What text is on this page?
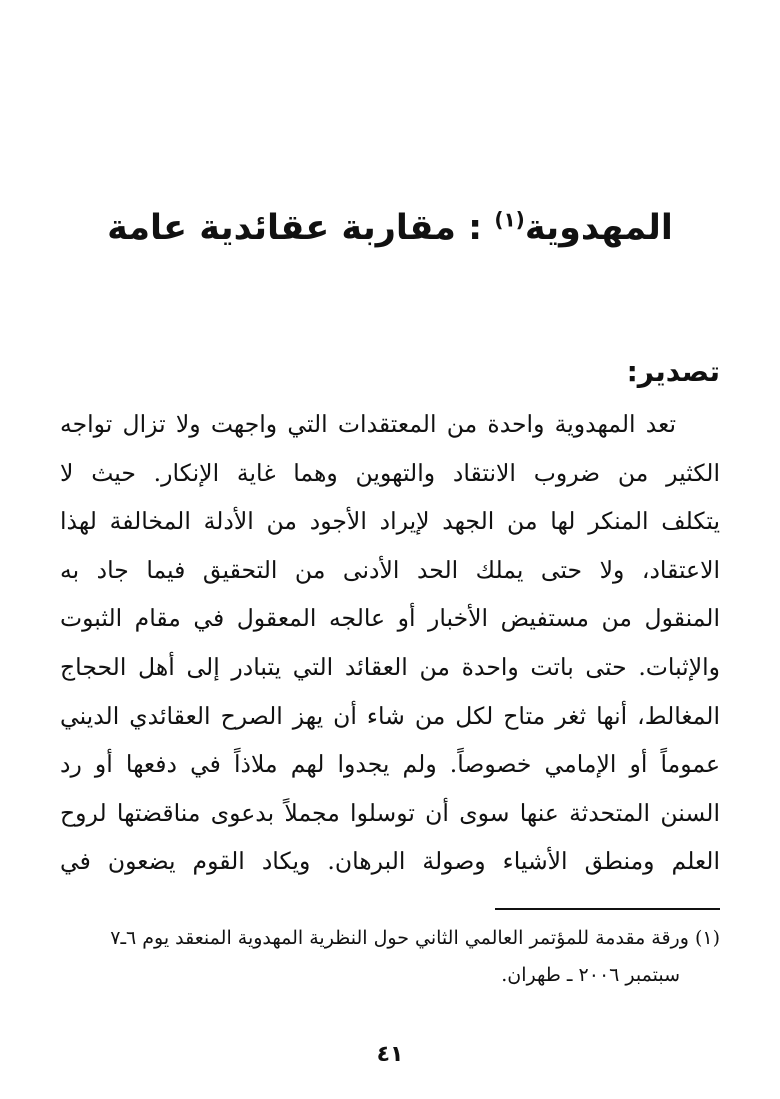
المهدوية$^{(١)}$ : مقاربة عقائدية عامة
تصدير:
تعد المهدوية واحدة من المعتقدات التي واجهت ولا تزال تواجه
الكثير من ضروب الانتقاد والتهوين وهما غاية الإنكار. حيث لا
يتكلف المنكر لها من الجهد لإيراد الأجود من الأدلة المخالفة لهذا
الاعتقاد، ولا حتى يملك الحد الأدنى من التحقيق فيما جاد به
المنقول من مستفيض الأخبار أو عالجه المعقول في مقام الثبوت
والإثبات. حتى باتت واحدة من العقائد التي يتبادر إلى أهل الحجاج
المغالط، أنها ثغر متاح لكل من شاء أن يهز الصرح العقائدي الديني
عموماً أو الإمامي خصوصاً. ولم يجدوا لهم ملاذاً في دفعها أو رد
السنن المتحدثة عنها سوى أن توسلوا مجملاً بدعوى مناقضتها لروح
العلم ومنطق الأشياء وصولة البرهان. ويكاد القوم يضعون في
(١) ورقة مقدمة للمؤتمر العالمي الثاني حول النظرية المهدوية المنعقد يوم ٦ـ٧
سبتمبر ٢٠٠٦ ـ طهران.
٤١
